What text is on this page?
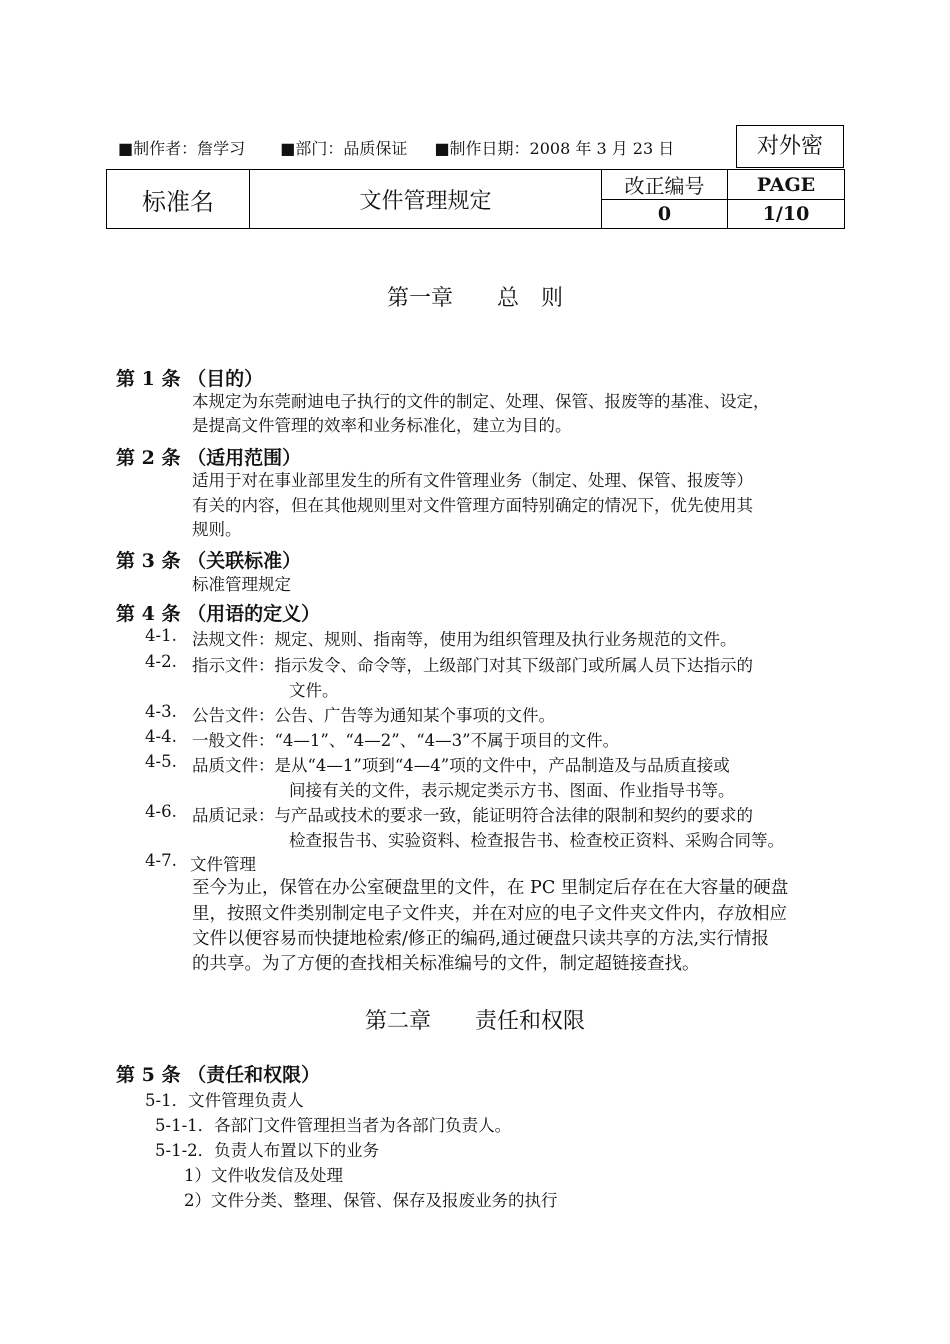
■制作者：詹学习 ■部门：品质保证 ■制作日期：2008 年 3 月 23 日	对外密
标准名	文件管理规定	改正编号	PAGE
		0	1/10
第一章　　总　则
第 1 条 （目的）
本规定为东莞耐迪电子执行的文件的制定、处理、保管、报废等的基准、设定，
是提高文件管理的效率和业务标准化，建立为目的。
第 2 条 （适用范围）
适用于对在事业部里发生的所有文件管理业务（制定、处理、保管、报废等）
有关的内容，但在其他规则里对文件管理方面特别确定的情况下，优先使用其
规则。
第 3 条 （关联标准）
标准管理规定
第 4 条 （用语的定义）
4-1. 法规文件：规定、规则、指南等，使用为组织管理及执行业务规范的文件。
4-2. 指示文件：指示发令、命令等，上级部门对其下级部门或所属人员下达指示的
文件。
4-3. 公告文件：公告、广告等为通知某个事项的文件。
4-4. 一般文件：“4—1”、“4—2”、“4—3”不属于项目的文件。
4-5. 品质文件：是从“4—1”项到“4—4”项的文件中，产品制造及与品质直接或
间接有关的文件，表示规定类示方书、图面、作业指导书等。
4-6. 品质记录：与产品或技术的要求一致，能证明符合法律的限制和契约的要求的
检查报告书、实验资料、检查报告书、检查校正资料、采购合同等。
4-7. 文件管理
至今为止，保管在办公室硬盘里的文件，在 PC 里制定后存在在大容量的硬盘
里，按照文件类别制定电子文件夹，并在对应的电子文件夹文件内，存放相应
文件以便容易而快捷地检索/修正的编码,通过硬盘只读共享的方法,实行情报
的共享。为了方便的查找相关标准编号的文件，制定超链接查找。
第二章　　责任和权限
第 5 条 （责任和权限）
5-1．文件管理负责人
5-1-1．各部门文件管理担当者为各部门负责人。
5-1-2．负责人布置以下的业务
1）文件收发信及处理
2）文件分类、整理、保管、保存及报废业务的执行
